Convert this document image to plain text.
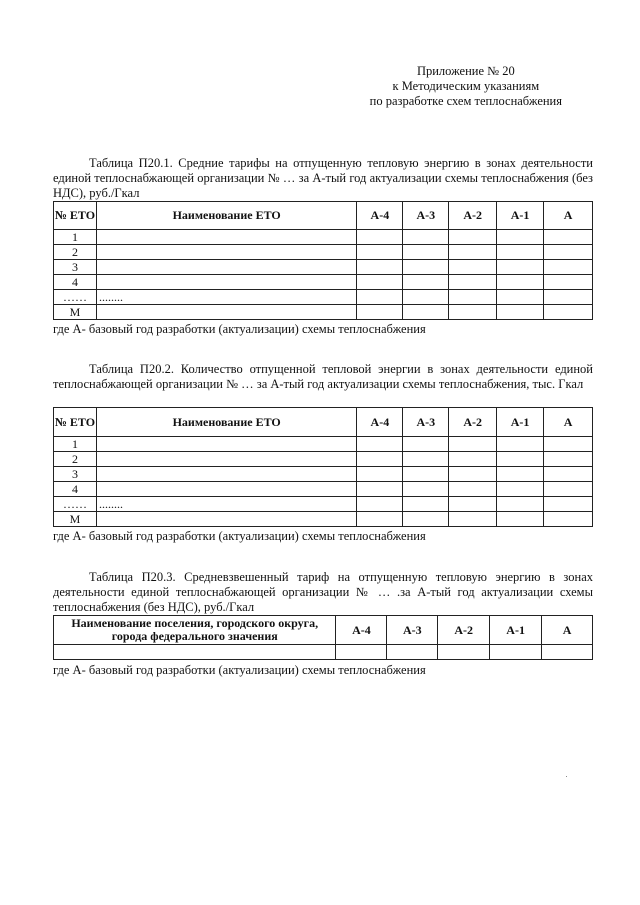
Приложение № 20
к Методическим указаниям
по разработке схем теплоснабжения
Таблица П20.1. Средние тарифы на отпущенную тепловую энергию в зонах деятельности единой теплоснабжающей организации № … за А-тый год актуализации схемы теплоснабжения (без НДС), руб./Гкал
№ ЕТО	Наименование ЕТО	А-4	А-3	А-2	А-1	А
1						
2						
3						
4						
……	........					
М						
где А- базовый год разработки (актуализации) схемы теплоснабжения
Таблица П20.2. Количество отпущенной тепловой энергии в зонах деятельности единой теплоснабжающей организации № … за А-тый год актуализации схемы теплоснабжения, тыс. Гкал
№ ЕТО	Наименование ЕТО	А-4	А-3	А-2	А-1	А
1						
2						
3						
4						
……	........					
М						
где А- базовый год разработки (актуализации) схемы теплоснабжения
Таблица П20.3. Средневзвешенный тариф на отпущенную тепловую энергию в зонах деятельности единой теплоснабжающей организации № … .за А-тый год актуализации схемы теплоснабжения (без НДС), руб./Гкал
Наименование поселения, городского округа, города федерального значения	А-4	А-3	А-2	А-1	А

где А- базовый год разработки (актуализации) схемы теплоснабжения
